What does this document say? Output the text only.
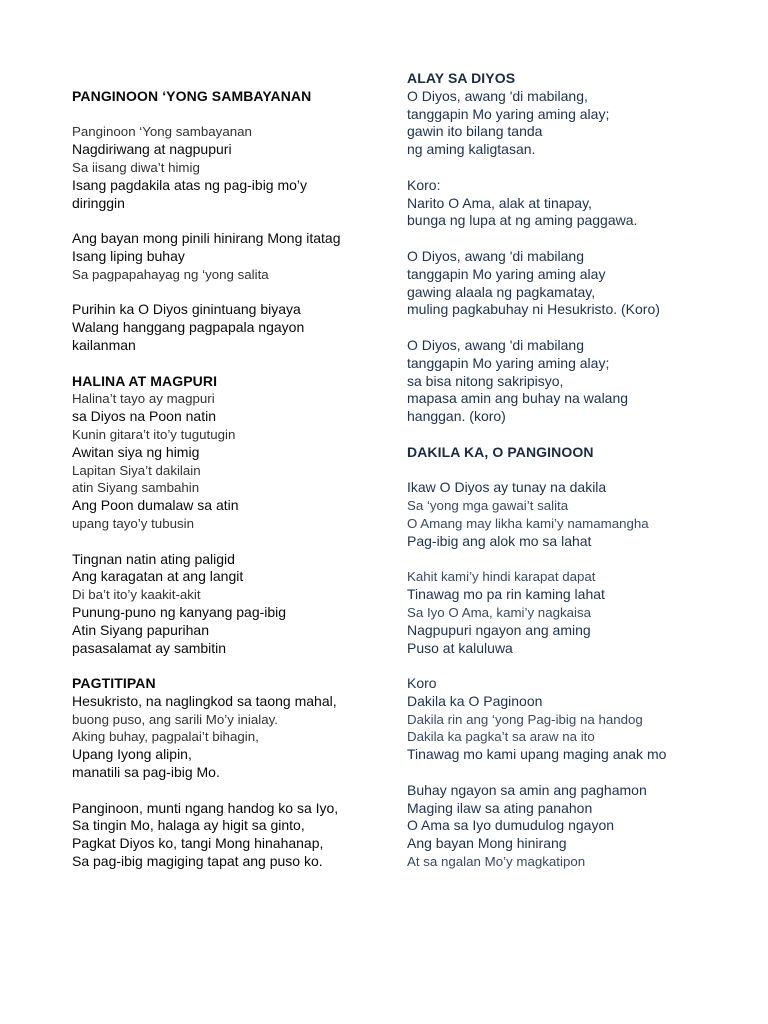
PANGINOON ‘YONG SAMBAYANAN
Panginoon ‘Yong sambayanan
Nagdiriwang at nagpupuri
Sa iisang diwa’t himig
Isang pagdakila atas ng pag-ibig mo’y
diringgin
Ang bayan mong pinili hinirang Mong itatag
Isang liping buhay
Sa pagpapahayag ng ‘yong salita
Purihin ka O Diyos ginintuang biyaya
Walang hanggang pagpapala ngayon
kailanman
HALINA AT MAGPURI
Halina’t tayo ay magpuri
sa Diyos na Poon natin
Kunin gitara’t ito’y tugutugin
Awitan siya ng himig
Lapitan Siya’t dakilain
atin Siyang sambahin
Ang Poon dumalaw sa atin
upang tayo’y tubusin
Tingnan natin ating paligid
Ang karagatan at ang langit
Di ba’t ito’y kaakit-akit
Punung-puno ng kanyang pag-ibig
Atin Siyang papurihan
pasasalamat ay sambitin
PAGTITIPAN
Hesukristo, na naglingkod sa taong mahal,
buong puso, ang sarili Mo’y inialay.
Aking buhay, pagpalai’t bihagin,
Upang Iyong alipin,
manatili sa pag-ibig Mo.
Panginoon, munti ngang handog ko sa Iyo,
Sa tingin Mo, halaga ay higit sa ginto,
Pagkat Diyos ko, tangi Mong hinahanap,
Sa pag-ibig magiging tapat ang puso ko.
ALAY SA DIYOS
O Diyos, awang 'di mabilang,
tanggapin Mo yaring aming alay;
gawin ito bilang tanda
ng aming kaligtasan.
Koro:
Narito O Ama, alak at tinapay,
bunga ng lupa at ng aming paggawa.
O Diyos, awang 'di mabilang
tanggapin Mo yaring aming alay
gawing alaala ng pagkamatay,
muling pagkabuhay ni Hesukristo. (Koro)
O Diyos, awang 'di mabilang
tanggapin Mo yaring aming alay;
sa bisa nitong sakripisyo,
mapasa amin ang buhay na walang
hanggan. (koro)
DAKILA KA, O PANGINOON
Ikaw O Diyos ay tunay na dakila
Sa ‘yong mga gawai’t salita
O Amang may likha kami’y namamangha
Pag-ibig ang alok mo sa lahat
Kahit kami’y hindi karapat dapat
Tinawag mo pa rin kaming lahat
Sa Iyo O Ama, kami’y nagkaisa
Nagpupuri ngayon ang aming
Puso at kaluluwa
Koro
Dakila ka O Paginoon
Dakila rin ang ‘yong Pag-ibig na handog
Dakila ka pagka’t sa araw na ito
Tinawag mo kami upang maging anak mo
Buhay ngayon sa amin ang paghamon
Maging ilaw sa ating panahon
O Ama sa Iyo dumudulog ngayon
Ang bayan Mong hinirang
At sa ngalan Mo’y magkatipon
